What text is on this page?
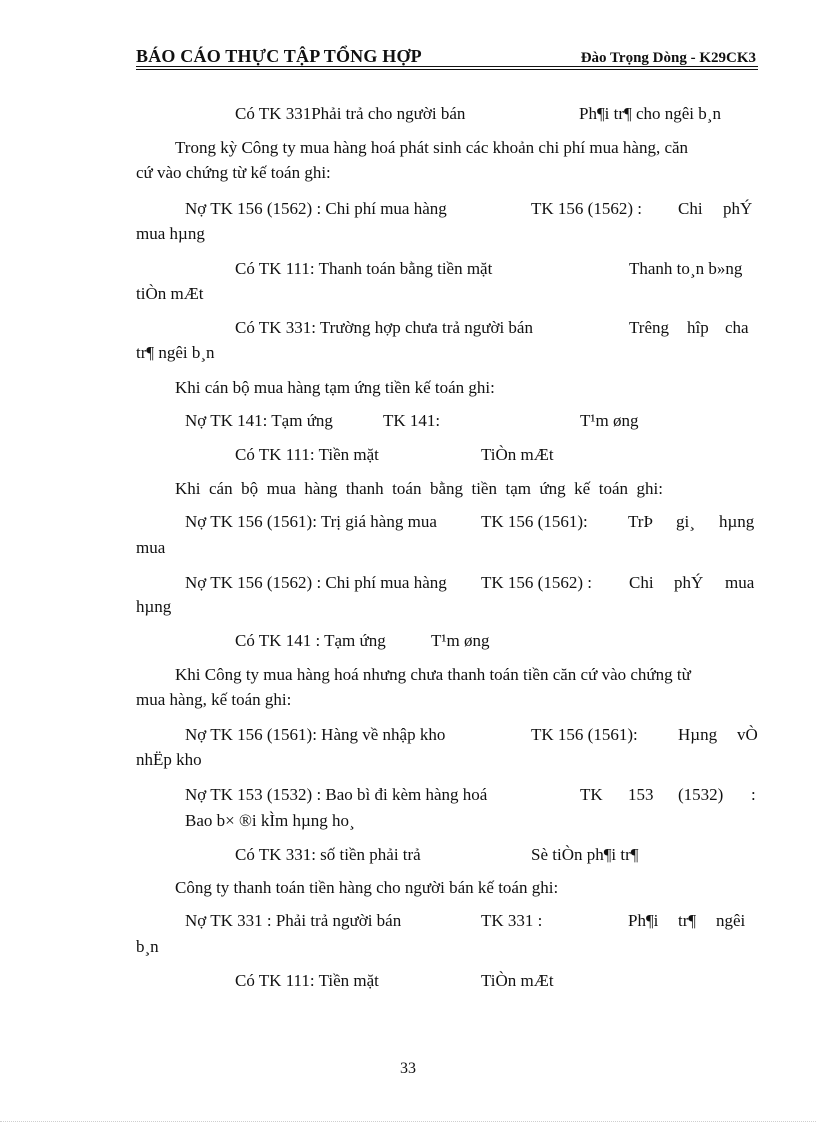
BÁO CÁO THỰC TẬP TỔNG HỢP	Đào Trọng Dòng - K29CK3
Có TK 331Phải trả cho người bán	Ph¶i tr¶ cho ngêi b¸n
Trong kỳ Công ty mua hàng hoá phát sinh các khoản chi phí mua hàng, căn
cứ vào chứng từ kế toán ghi:
Nợ TK 156 (1562) : Chi phí mua hàng	TK 156 (1562) : Chi phÝ
mua hµng
Có TK 111: Thanh toán bằng tiền mặt	Thanh to¸n b»ng
tiÒn mÆt
Có TK 331: Trường hợp chưa trả người bán	Trêng hîp cha
tr¶ ngêi b¸n
Khi cán bộ mua hàng tạm ứng tiền kế toán ghi:
Nợ TK 141: Tạm ứng	TK 141:	T¹m øng
Có TK 111: Tiền mặt	TiÒn mÆt
Khi  cán  bộ  mua  hàng  thanh  toán  bằng  tiền  tạm  ứng  kế  toán  ghi:
Nợ TK 156 (1561): Trị giá hàng mua	TK 156 (1561): TrÞ gi¸ hµng
mua
Nợ TK 156 (1562) : Chi phí mua hàng TK 156 (1562) : Chi phÝ mua
hµng
Có TK 141 : Tạm ứng	T¹m øng
Khi Công ty mua hàng hoá nhưng chưa thanh toán tiền căn cứ vào chứng từ
mua hàng, kế toán ghi:
Nợ TK 156 (1561): Hàng về nhập kho	TK 156 (1561): Hµng vÒ
nhËp kho
Nợ TK 153 (1532) : Bao bì đi kèm hàng hoá	TK 153 (1532) :
Bao b× ®i kÌm hµng ho¸
Có TK 331: số tiền phải trả	Sè tiÒn ph¶i tr¶
Công ty thanh toán tiền hàng cho người bán kế toán ghi:
Nợ TK 331 : Phải trả người bán	TK 331 :	Ph¶i tr¶ ngêi
b¸n
Có TK 111: Tiền mặt	TiÒn mÆt
33
